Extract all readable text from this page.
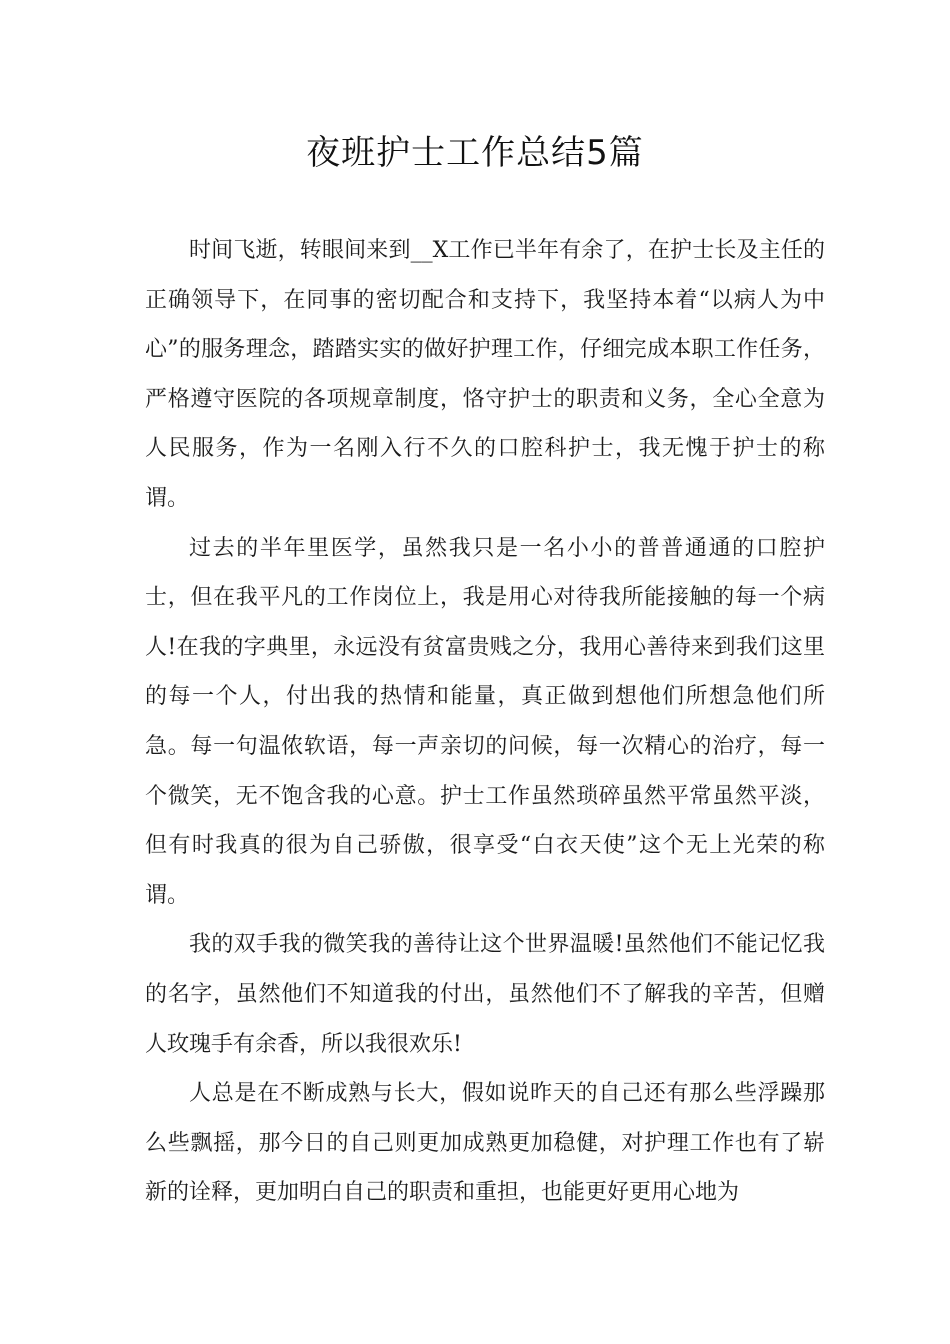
夜班护士工作总结5篇

时间飞逝，转眼间来到__X工作已半年有余了，在护士长及主任的正确领导下，在同事的密切配合和支持下，我坚持本着“以病人为中心”的服务理念，踏踏实实的做好护理工作，仔细完成本职工作任务，严格遵守医院的各项规章制度，恪守护士的职责和义务，全心全意为人民服务，作为一名刚入行不久的口腔科护士，我无愧于护士的称谓。

过去的半年里医学，虽然我只是一名小小的普普通通的口腔护士，但在我平凡的工作岗位上，我是用心对待我所能接触的每一个病人!在我的字典里，永远没有贫富贵贱之分，我用心善待来到我们这里的每一个人，付出我的热情和能量，真正做到想他们所想急他们所急。每一句温侬软语，每一声亲切的问候，每一次精心的治疗，每一个微笑，无不饱含我的心意。护士工作虽然琐碎虽然平常虽然平淡，但有时我真的很为自己骄傲，很享受“白衣天使”这个无上光荣的称谓。

我的双手我的微笑我的善待让这个世界温暖!虽然他们不能记忆我的名字，虽然他们不知道我的付出，虽然他们不了解我的辛苦，但赠人玫瑰手有余香，所以我很欢乐!

人总是在不断成熟与长大，假如说昨天的自己还有那么些浮躁那么些飘摇，那今日的自己则更加成熟更加稳健，对护理工作也有了崭新的诠释，更加明白自己的职责和重担，也能更好更用心地为
